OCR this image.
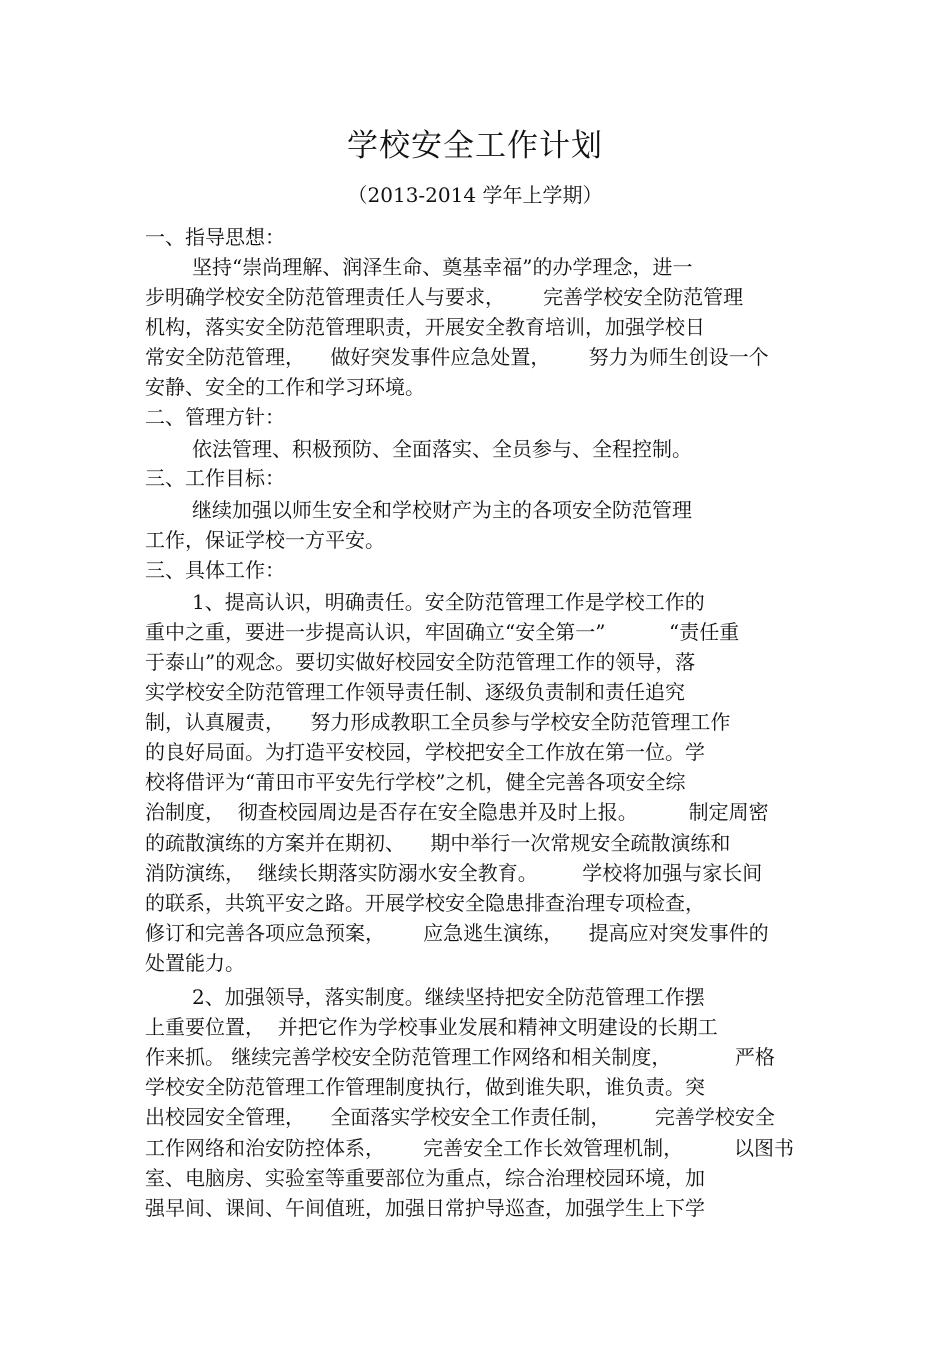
学校安全工作计划
（2013-2014 学年上学期）
一、指导思想：
坚持“崇尚理解、润泽生命、奠基幸福”的办学理念，进一
步明确学校安全防范管理责任人与要求，      完善学校安全防范管理
机构，落实安全防范管理职责，开展安全教育培训，加强学校日
常安全防范管理，    做好突发事件应急处置，      努力为师生创设一个
安静、安全的工作和学习环境。
二、管理方针：
依法管理、积极预防、全面落实、全员参与、全程控制。
三、工作目标：
继续加强以师生安全和学校财产为主的各项安全防范管理
工作，保证学校一方平安。
三、具体工作：
1、提高认识，明确责任。安全防范管理工作是学校工作的
重中之重，要进一步提高认识，牢固确立“安全第一”          “责任重
于泰山”的观念。要切实做好校园安全防范管理工作的领导，落
实学校安全防范管理工作领导责任制、逐级负责制和责任追究
制，认真履责，    努力形成教职工全员参与学校安全防范管理工作
的良好局面。为打造平安校园，学校把安全工作放在第一位。学
校将借评为“莆田市平安先行学校”之机，健全完善各项安全综
治制度，  彻查校园周边是否存在安全隐患并及时上报。        制定周密
的疏散演练的方案并在期初、    期中举行一次常规安全疏散演练和
消防演练，  继续长期落实防溺水安全教育。       学校将加强与家长间
的联系，共筑平安之路。开展学校安全隐患排查治理专项检查，
修订和完善各项应急预案，      应急逃生演练，    提高应对突发事件的
处置能力。
2、加强领导，落实制度。继续坚持把安全防范管理工作摆
上重要位置，  并把它作为学校事业发展和精神文明建设的长期工
作来抓。 继续完善学校安全防范管理工作网络和相关制度，          严格
学校安全防范管理工作管理制度执行，做到谁失职，谁负责。突
出校园安全管理，    全面落实学校安全工作责任制，       完善学校安全
工作网络和治安防控体系，      完善安全工作长效管理机制，        以图书
室、电脑房、实验室等重要部位为重点，综合治理校园环境，加
强早间、课间、午间值班，加强日常护导巡查，加强学生上下学
